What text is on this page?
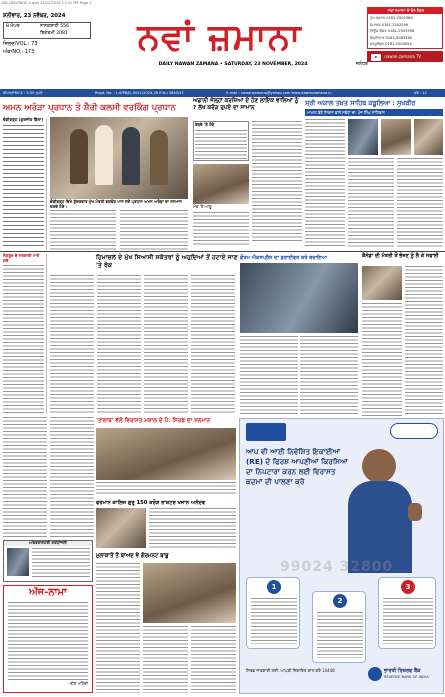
ND-GEN-PAGE-1.qxd 11/22/2024 11:51 PM Page 1
ਸ਼ਨੀਵਾਰ, 23 ਨਵੰਬਰ, 2024
8 ਮੱਘਰ	ਨਾਨਕਸ਼ਾਹੀ 556
ਬਿਕਰਮੀ 2081
ਜਿਲਦ/VOL.: 73
ਅੰਕ/NO.: 173	ਨਵਾਂ ਜ਼ਮਾਨਾ
DAILY NAWAN ZAMANA • SATURDAY, 23 NOVEMBER, 2024	ਜਲੰਧਰ
'ਨਵਾਂ ਜ਼ਮਾਨਾ' ਦੇ ਫੋਨ ਨੰਬਰ
ਮੁੱਖ ਦਫ਼ਤਰ 0181-2502589
ਸੰਪਾਦਕ 0181-2502599
ਨਿਊਜ਼ ਡੈਸਕ 0181-2503398
ਇਸ਼ਤਿਹਾਰ 0181-5083365
ਸਰਕੂਲੇਸ਼ਨ 0181-2504094
nawan zamana TV
ਕੀਮਤ/PRICE : 5.00 ਰੁਪਏ	Regd. No. : L-6/PB/JL-0021/2024-26 R.N.I 3850/57	E-mail : nawanzamana@yahoo.com www.nawanzamana.in	ਸਫੇ : 12
ਅਮਨ ਅਰੋੜਾ ਪ੍ਰਧਾਨ ਤੇ ਸ਼ੈਰੀ ਕਲਸੀ ਵਰਕਿੰਗ ਪ੍ਰਧਾਨ
ਚੰਡੀਗੜ੍ਹ (ਗੁਰਜੀਤ ਬਿੱਲਾ)
ਚੰਡੀਗੜ੍ਹ ਵਿਖੇ ਸ਼ੁੱਕਰਵਾਰ ਮੁੱਖ ਮੰਤਰੀ ਭਗਵੰਤ ਮਾਨ ਨਵੇਂ ਪ੍ਰਧਾਨ ਅਮਨ ਅਰੋੜਾ ਦਾ ਸਨਮਾਨ ਕਰਦੇ ਹੋਏ।
ਅਡਾਨੀ ਜੇਲ੍ਹਾਂ ਕਰਜ਼ਿਆਂ ਦੇ ਹੋਣ ਲਾਇਕ ਵਾਲਿਆਂ ਨੂੰ ? ਲੱਖ ਕਰੋੜ ਰੁਪਏ ਦਾ ਸਾਮਾਨ
ਰੱਬਦੇ 'ਤੇ ਹੋਵੇ
ਮੰਚ 'ਤੇ ਆਗੂ
ਸ੍ਰੀ ਅਕਾਲ ਤਖ਼ਤ ਸਾਹਿਬ ਕਬੂਲਿਆ : ਸੁਖਬੀਰ
ਮਾਮਲਾ ਡੇਰੇ ਸਿਰਸਾ ਵਾਲੇ ਸਬੰਧਾਂ ਦਾ: ਪੰਜ ਸਿੰਘ ਸਾਹਿਬਾਨ
ਸੰਗਰੂਰ ਦੇ ਸਰਕਾਰੀ ਮਾਰੇ ਗਏ	ਹਿਮਾਚਲ ਦੇ ਮੁੱਖ ਸਿਆਸੀ ਸਕੱਤਰਾਂ ਨੂੰ ਅਹੁਦਿਆਂ ਤੋਂ ਹਟਾਏ ਜਾਣ 'ਤੇ ਰੋਕ
ਗੌਤਮ ਐਕਸਪ੍ਰੈਸ ਦਾ ਡਰਾਈਵਰ ਕਰੇ ਬਚਾਇਆ	ਕੈਨੇਡਾ ਦੀ ਮੰਤਰੀ ਤੋਂ ਭੇਜਣ ਨੂੰ ਲੈ ਕੇ ਸਫਾਈ
'ਤਾਲਾਬ' ਵੱਲੋਂ ਵਿਰਾਸਤ ਮਸ਼ਾਲ ਦੇ ਪੈ. ਸਿਰਫ ਦਾ ਸਨਮਾਨ
ਫਰਮਾਨ ਕਾਲਿਜ ਗੁਰੂ 150 ਕਰੋੜ ਰਾਸ਼ਟਰ ਖਜਾਨ ਅਨੰਦਵ
ਅੰਤਰਰਾਸ਼ਟਰੀ ਸ਼ਰਧਾਂਜਲੀ
ਅੱਜ-ਨਾਮਾ
-ਤੀਸ਼ ਮਹਿੰਦੀ
ਮੁਲਾਕਾਤੋਂ ਤੋਂ ਬਾਅਦ ਵੇਂ ਗੋਰਮਨਟ ਬਾਬੂ
ਆਪ ਵੀ ਆਈ ਨਿਵੇਸ਼ਿਤ ਇਕਾਈਆਂ (RE) ਦੇ ਫਿਰਸ਼ ਆਪਣੀਆਂ ਕਿਰਸਿਆਂ ਦਾ ਨਿਪਟਾਰਾ ਕਰਨ ਲਈ ਵਿਰਾਸਤ ਕਦਮਾਂ ਦੀ ਪਾਲਣਾ ਕਰੋ
1
2
3
99024 32800
ਸਿਰਫ਼ ਜਾਣਕਾਰੀ ਲਈ: ਆਪਣੀ ਸ਼ਿਕਾਇਤ ਕਾਲ ਕਰੋ 14448	ਭਾਰਤੀ ਰਿਜ਼ਰਵ ਬੈਂਕ
RESERVE BANK OF INDIA
